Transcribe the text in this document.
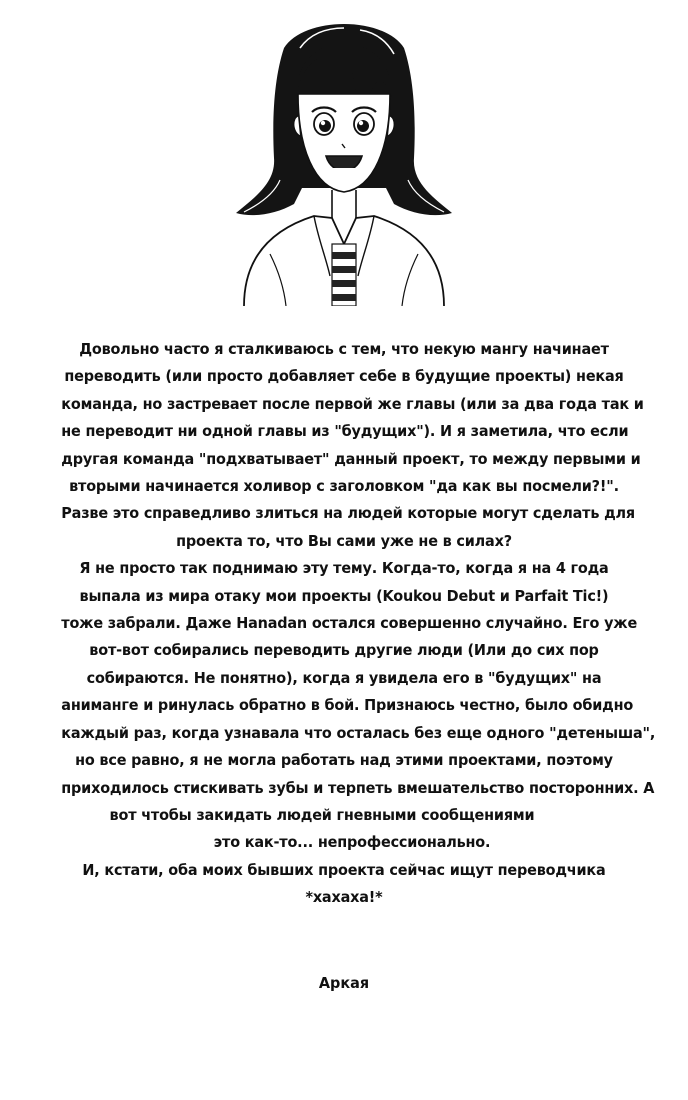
Довольно часто я сталкиваюсь с тем, что некую мангу начинает
переводить (или просто добавляет себе в будущие проекты) некая
команда, но застревает после первой же главы (или за два года так и
не переводит ни одной главы из "будущих"). И я заметила, что если
другая команда "подхватывает" данный проект, то между первыми и
вторыми начинается холивор с заголовком "да как вы посмели?!".
Разве это справедливо злиться на людей которые могут сделать для
проекта то, что Вы сами уже не в силах?
Я не просто так поднимаю эту тему. Когда-то, когда я на 4 года
выпала из мира отаку мои проекты (Koukou Debut и Parfait Tic!)
тоже забрали. Даже Hanadan остался совершенно случайно. Его уже
вот-вот собирались переводить другие люди (Или до сих пор
собираются. Не понятно), когда я увидела его в "будущих" на
анимaнге и ринулась обратно в бой. Признаюсь честно, было обидно
каждый раз, когда узнавала что осталась без еще одного "детеныша",
но все равно, я не могла работать над этими проектами, поэтому
приходилось стискивать зубы и терпеть вмешательство посторонних. А
вот чтобы закидать людей гневными сообщениями
это как-то... непрофессионально.
И, кстати, оба моих бывших проекта сейчас ищут переводчика
*хахаха!*
Аркая
